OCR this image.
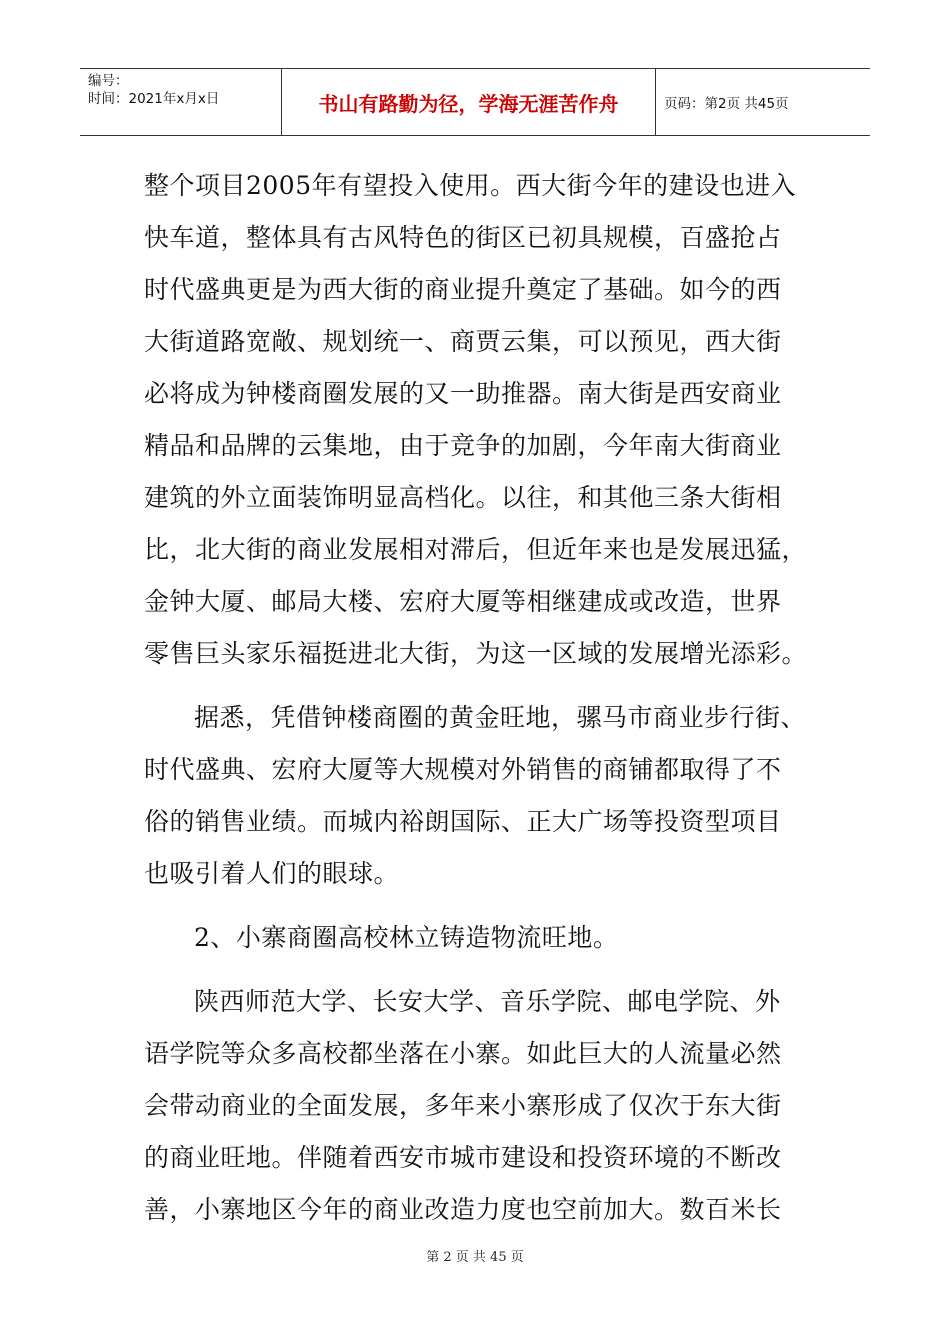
编号：
时间：2021年x月x日	书山有路勤为径，学海无涯苦作舟	页码：第2页 共45页
整个项目2005年有望投入使用。西大街今年的建设也进入
快车道，整体具有古风特色的街区已初具规模，百盛抢占
时代盛典更是为西大街的商业提升奠定了基础。如今的西
大街道路宽敞、规划统一、商贾云集，可以预见，西大街
必将成为钟楼商圈发展的又一助推器。南大街是西安商业
精品和品牌的云集地，由于竞争的加剧，今年南大街商业
建筑的外立面装饰明显高档化。以往，和其他三条大街相
比，北大街的商业发展相对滞后，但近年来也是发展迅猛，
金钟大厦、邮局大楼、宏府大厦等相继建成或改造，世界
零售巨头家乐福挺进北大街，为这一区域的发展增光添彩。
据悉，凭借钟楼商圈的黄金旺地，骡马市商业步行街、
时代盛典、宏府大厦等大规模对外销售的商铺都取得了不
俗的销售业绩。而城内裕朗国际、正大广场等投资型项目
也吸引着人们的眼球。
2、小寨商圈高校林立铸造物流旺地。
陕西师范大学、长安大学、音乐学院、邮电学院、外
语学院等众多高校都坐落在小寨。如此巨大的人流量必然
会带动商业的全面发展，多年来小寨形成了仅次于东大街
的商业旺地。伴随着西安市城市建设和投资环境的不断改
善，小寨地区今年的商业改造力度也空前加大。数百米长
第 2 页 共 45 页
